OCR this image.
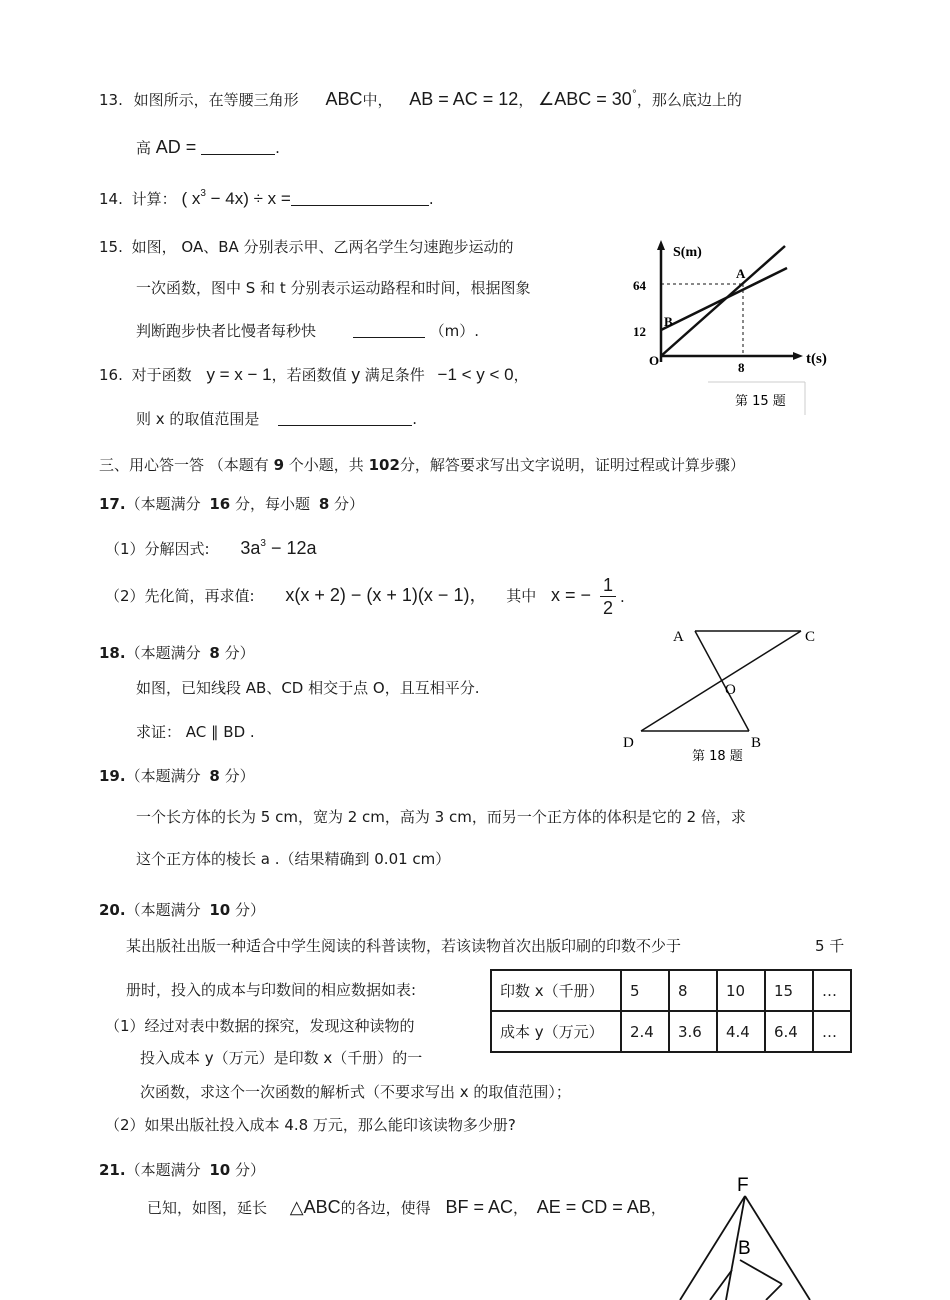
13. 如图所示，在等腰三角形 ABC中， AB = AC = 12， ∠ABC = 30°，那么底边上的
高 AD =	.
14. 计算： ( $x^3 - 4x) \div x$ =	.
15. 如图， OA、BA 分别表示甲、乙两名学生匀速跑步运动的
一次函数，图中 S 和 t 分别表示运动路程和时间，根据图象
判断跑步快者比慢者每秒快	（m）.
S(m)
t(s)
64
12
8
O
A
B
第 15 题
16. 对于函数 y = x − 1，若函数值 y 满足条件 −1 < y < 0，
则 x 的取值范围是	.
三、用心答一答 （本题有 9 个小题，共 102分，解答要求写出文字说明，证明过程或计算步骤）
17.（本题满分 16 分，每小题 8 分）
（1）分解因式: $3a^3 - 12a$
（2）先化简，再求值: x(x + 2) − (x + 1)(x − 1)， 其中 x = − 1
2
.
18.（本题满分 8 分）
如图，已知线段 AB、CD 相交于点 O，且互相平分.
求证： AC ∥ BD .
A	C
O
D	B
第 18 题
19.（本题满分 8 分）
一个长方体的长为 5 cm，宽为 2 cm，高为 3 cm，而另一个正方体的体积是它的 2 倍，求
这个正方体的棱长 a .（结果精确到 0.01 cm）
20.（本题满分 10 分）
某出版社出版一种适合中学生阅读的科普读物，若该读物首次出版印刷的印数不少于	5 千
册时，投入的成本与印数间的相应数据如表:	印数 x（千册）	5	8	10	15	…
成本 y（万元）	2.4	3.6	4.4	6.4	…
（1）经过对表中数据的探究，发现这种读物的
投入成本 y（万元）是印数 x（千册）的一
次函数，求这个一次函数的解析式（不要求写出 x 的取值范围）；
（2）如果出版社投入成本 4.8 万元，那么能印该读物多少册?
21.（本题满分 10 分）
已知，如图，延长 △ABC的各边，使得 BF = AC， AE = CD = AB，
F
B
